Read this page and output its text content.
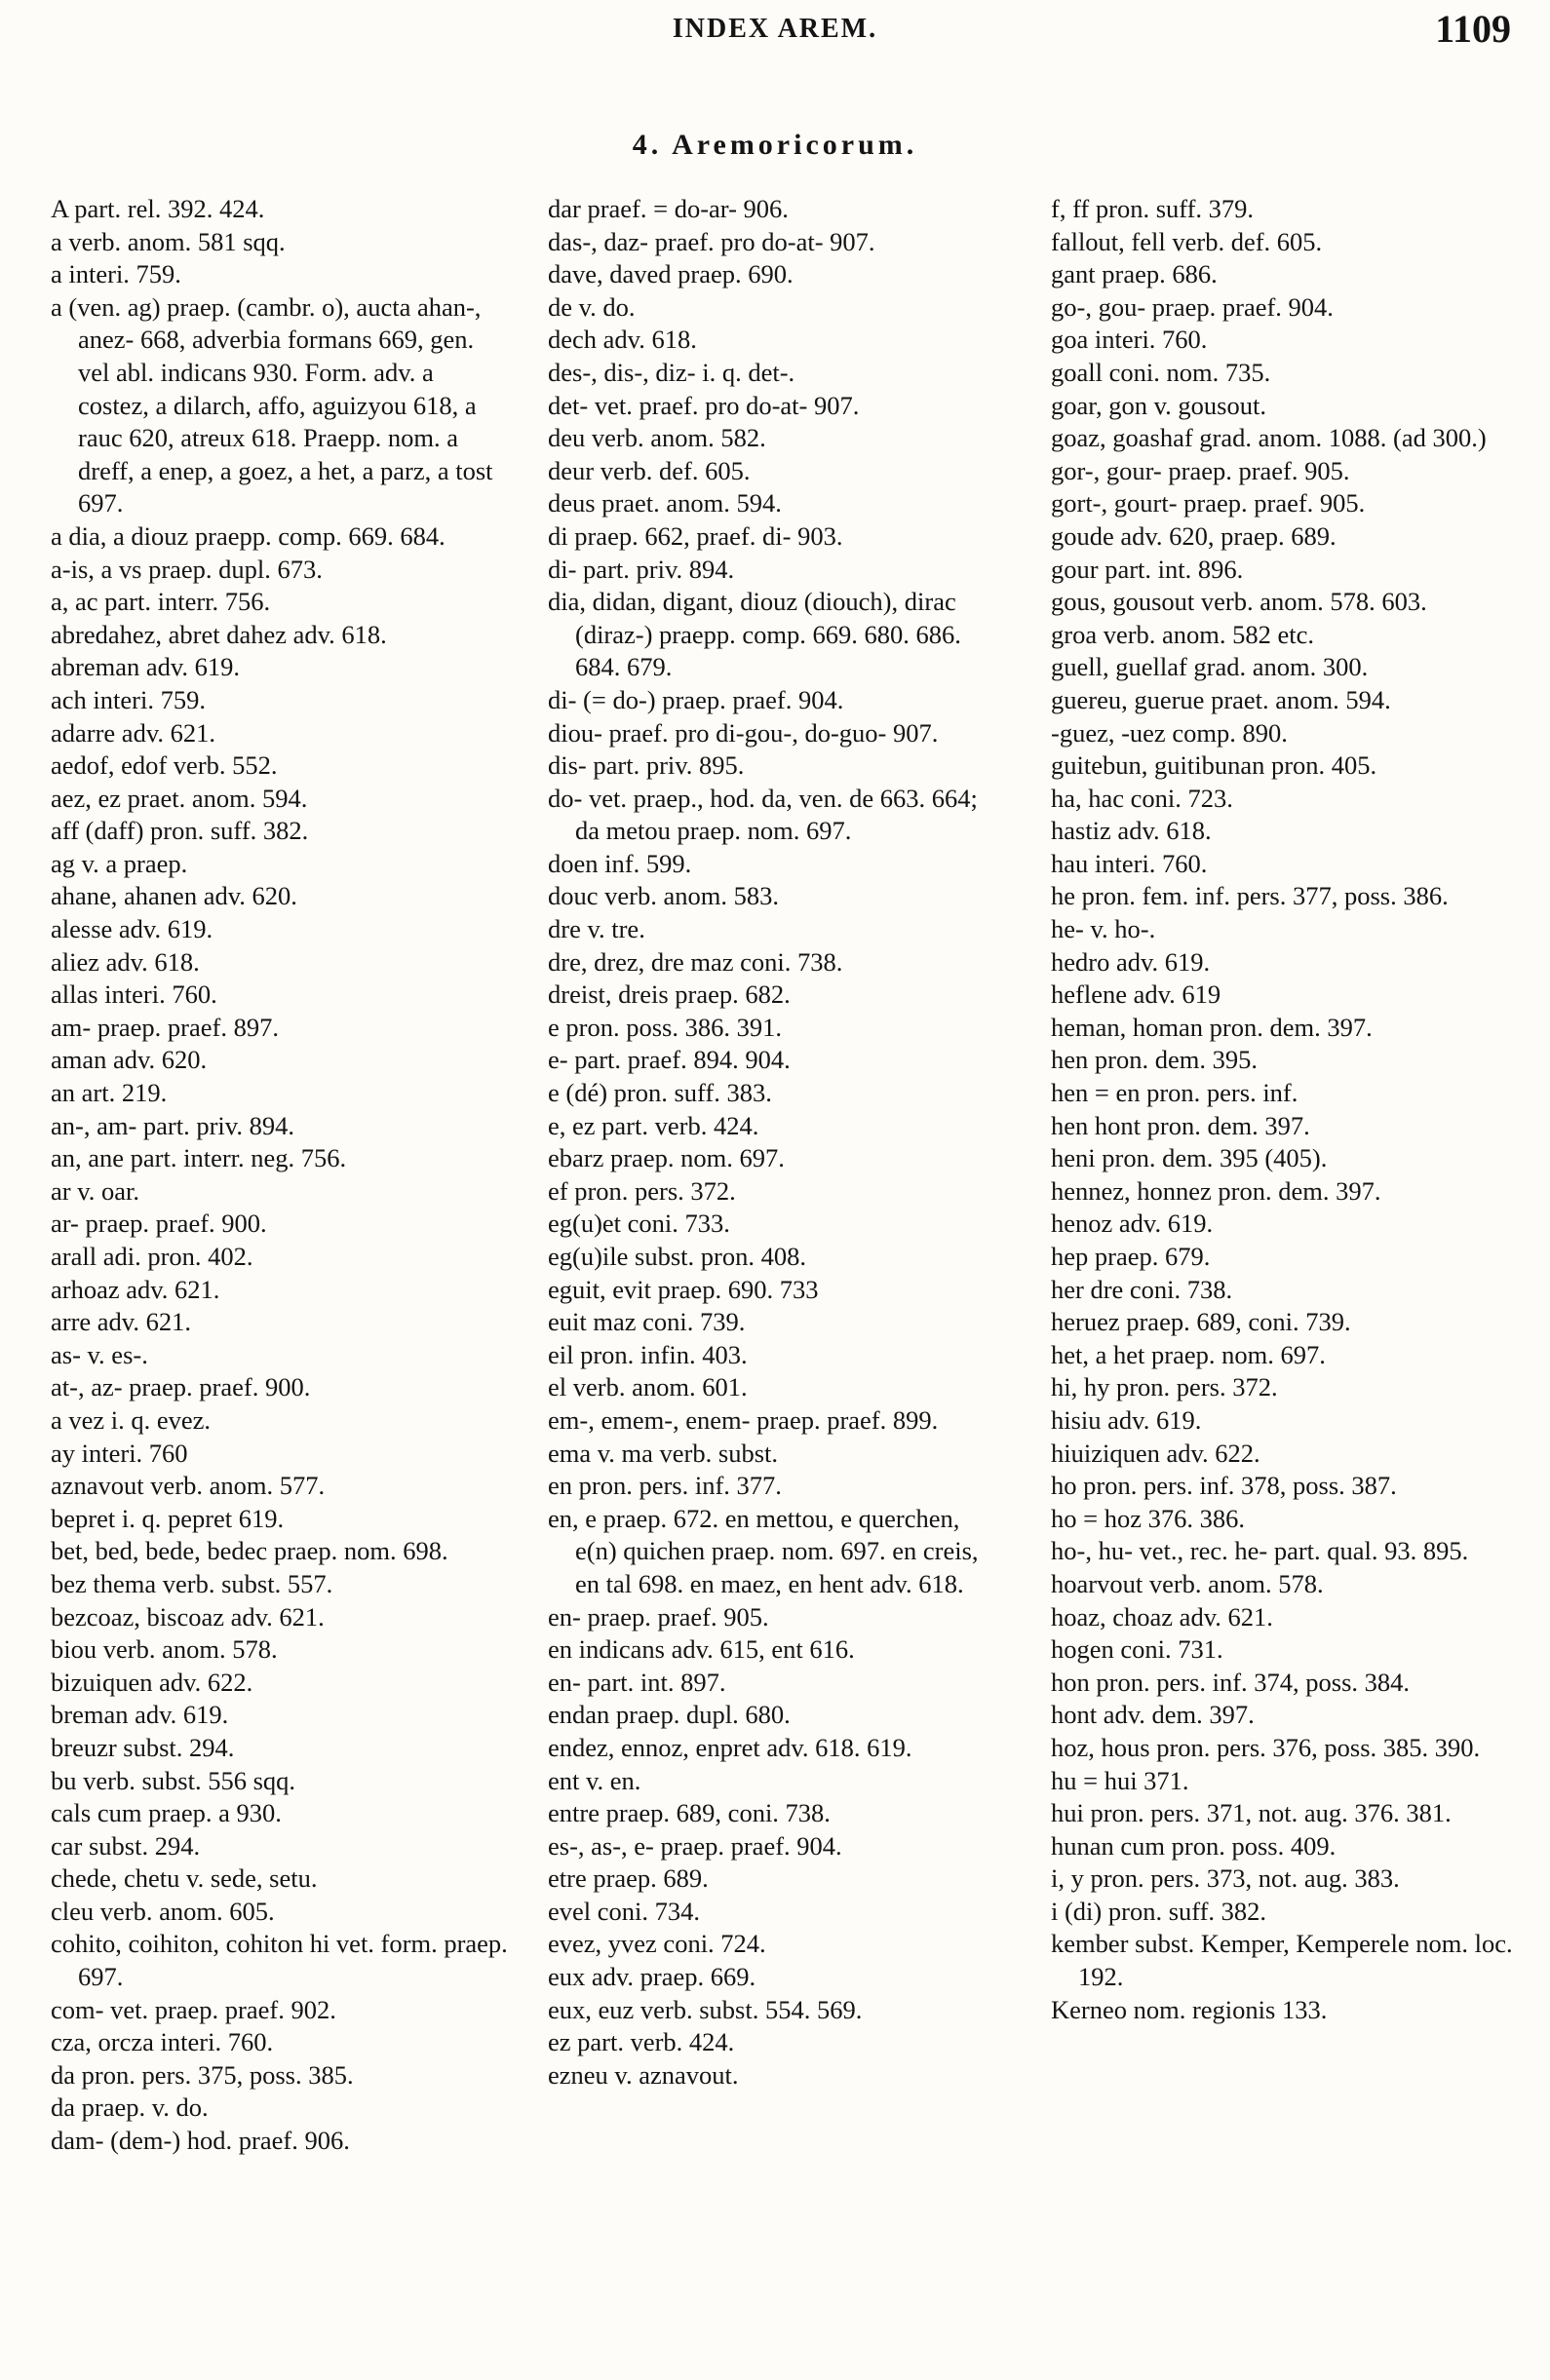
INDEX AREM.	1109
4. Aremoricorum.

A part. rel. 392. 424.

a verb. anom. 581 sqq.

a interi. 759.

a (ven. ag) praep. (cambr. o), aucta ahan-, anez- 668, adverbia formans 669, gen. vel abl. indicans 930. Form. adv. a costez, a dilarch, affo, aguizyou 618, a rauc 620, atreux 618. Praepp. nom. a dreff, a enep, a goez, a het, a parz, a tost 697.

a dia, a diouz praepp. comp. 669. 684.

a-is, a vs praep. dupl. 673.

a, ac part. interr. 756.

abredahez, abret dahez adv. 618.

abreman adv. 619.

ach interi. 759.

adarre adv. 621.

aedof, edof verb. 552.

aez, ez praet. anom. 594.

aff (daff) pron. suff. 382.

ag v. a praep.

ahane, ahanen adv. 620.

alesse adv. 619.

aliez adv. 618.

allas interi. 760.

am- praep. praef. 897.

aman adv. 620.

an art. 219.

an-, am- part. priv. 894.

an, ane part. interr. neg. 756.

ar v. oar.

ar- praep. praef. 900.

arall adi. pron. 402.

arhoaz adv. 621.

arre adv. 621.

as- v. es-.

at-, az- praep. praef. 900.

a vez i. q. evez.

ay interi. 760

aznavout verb. anom. 577.

bepret i. q. pepret 619.

bet, bed, bede, bedec praep. nom. 698.

bez thema verb. subst. 557.

bezcoaz, biscoaz adv. 621.

biou verb. anom. 578.

bizuiquen adv. 622.

breman adv. 619.

breuzr subst. 294.

bu verb. subst. 556 sqq.

cals cum praep. a 930.

car subst. 294.

chede, chetu v. sede, setu.

cleu verb. anom. 605.

cohito, coihiton, cohiton hi vet. form. praep. 697.

com- vet. praep. praef. 902.

cza, orcza interi. 760.

da pron. pers. 375, poss. 385.

da praep. v. do.

dam- (dem-) hod. praef. 906.

dar praef. = do-ar- 906.

das-, daz- praef. pro do-at- 907.

dave, daved praep. 690.

de v. do.

dech adv. 618.

des-, dis-, diz- i. q. det-.

det- vet. praef. pro do-at- 907.

deu verb. anom. 582.

deur verb. def. 605.

deus praet. anom. 594.

di praep. 662, praef. di- 903.

di- part. priv. 894.

dia, didan, digant, diouz (diouch), dirac (diraz-) praepp. comp. 669. 680. 686. 684. 679.

di- (= do-) praep. praef. 904.

diou- praef. pro di-gou-, do-guo- 907.

dis- part. priv. 895.

do- vet. praep., hod. da, ven. de 663. 664; da metou praep. nom. 697.

doen inf. 599.

douc verb. anom. 583.

dre v. tre.

dre, drez, dre maz coni. 738.

dreist, dreis praep. 682.

e pron. poss. 386. 391.

e- part. praef. 894. 904.

e (dé) pron. suff. 383.

e, ez part. verb. 424.

ebarz praep. nom. 697.

ef pron. pers. 372.

eg(u)et coni. 733.

eg(u)ile subst. pron. 408.

eguit, evit praep. 690. 733

euit maz coni. 739.

eil pron. infin. 403.

el verb. anom. 601.

em-, emem-, enem- praep. praef. 899.

ema v. ma verb. subst.

en pron. pers. inf. 377.

en, e praep. 672. en mettou, e querchen, e(n) quichen praep. nom. 697. en creis, en tal 698. en maez, en hent adv. 618.

en- praep. praef. 905.

en indicans adv. 615, ent 616.

en- part. int. 897.

endan praep. dupl. 680.

endez, ennoz, enpret adv. 618. 619.

ent v. en.

entre praep. 689, coni. 738.

es-, as-, e- praep. praef. 904.

etre praep. 689.

evel coni. 734.

evez, yvez coni. 724.

eux adv. praep. 669.

eux, euz verb. subst. 554. 569.

ez part. verb. 424.

ezneu v. aznavout.

f, ff pron. suff. 379.

fallout, fell verb. def. 605.

gant praep. 686.

go-, gou- praep. praef. 904.

goa interi. 760.

goall coni. nom. 735.

goar, gon v. gousout.

goaz, goashaf grad. anom. 1088. (ad 300.)

gor-, gour- praep. praef. 905.

gort-, gourt- praep. praef. 905.

goude adv. 620, praep. 689.

gour part. int. 896.

gous, gousout verb. anom. 578. 603.

groa verb. anom. 582 etc.

guell, guellaf grad. anom. 300.

guereu, guerue praet. anom. 594.

-guez, -uez comp. 890.

guitebun, guitibunan pron. 405.

ha, hac coni. 723.

hastiz adv. 618.

hau interi. 760.

he pron. fem. inf. pers. 377, poss. 386.

he- v. ho-.

hedro adv. 619.

heflene adv. 619

heman, homan pron. dem. 397.

hen pron. dem. 395.

hen = en pron. pers. inf.

hen hont pron. dem. 397.

heni pron. dem. 395 (405).

hennez, honnez pron. dem. 397.

henoz adv. 619.

hep praep. 679.

her dre coni. 738.

heruez praep. 689, coni. 739.

het, a het praep. nom. 697.

hi, hy pron. pers. 372.

hisiu adv. 619.

hiuiziquen adv. 622.

ho pron. pers. inf. 378, poss. 387.

ho = hoz 376. 386.

ho-, hu- vet., rec. he- part. qual. 93. 895.

hoarvout verb. anom. 578.

hoaz, choaz adv. 621.

hogen coni. 731.

hon pron. pers. inf. 374, poss. 384.

hont adv. dem. 397.

hoz, hous pron. pers. 376, poss. 385. 390.

hu = hui 371.

hui pron. pers. 371, not. aug. 376. 381.

hunan cum pron. poss. 409.

i, y pron. pers. 373, not. aug. 383.

i (di) pron. suff. 382.

kember subst. Kemper, Kemperele nom. loc. 192.

Kerneo nom. regionis 133.
